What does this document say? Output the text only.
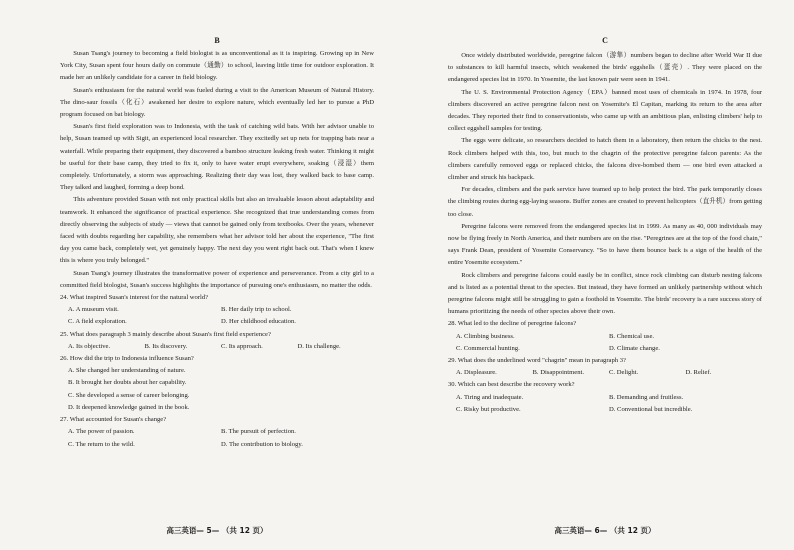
B

Susan Tsang's journey to becoming a field biologist is as unconventional as it is inspiring. Growing up in New York City, Susan spent four hours daily on commute（通勤）to school, leaving little time for outdoor exploration. It made her an unlikely candidate for a career in field biology.

Susan's enthusiasm for the natural world was fueled during a visit to the American Museum of Natural History. The dino-saur fossils（化石）awakened her desire to explore nature, which eventually led her to pursue a PhD program focused on bat biology.

Susan's first field exploration was to Indonesia, with the task of catching wild bats. With her advisor unable to help, Susan teamed up with Sigit, an experienced local researcher. They excitedly set up nets for trapping bats near a waterfall. While preparing their equipment, they discovered a bamboo structure leaking fresh water. Thinking it might be useful for their base camp, they tried to fix it, only to have water erupt everywhere, soaking（浸湿）them completely. Unfortunately, a storm was approaching. Realizing their day was lost, they walked back to base camp. They talked and laughed, forming a deep bond.

This adventure provided Susan with not only practical skills but also an invaluable lesson about adaptability and teamwork. It enhanced the significance of practical experience. She recognized that true understanding comes from directly observing the subjects of study — views that cannot be gained only from textbooks. Over the years, whenever faced with doubts regarding her capability, she remembers what her advisor told her about the experience, "The first day you came back, completely wet, yet genuinely happy. The next day you went right back out. That's when I knew this is where you truly belonged."

Susan Tsang's journey illustrates the transformative power of experience and perseverance. From a city girl to a committed field biologist, Susan's success highlights the importance of pursuing one's enthusiasm, no matter the odds.

24. What inspired Susan's interest for the natural world?
A. A museum visit.	B. Her daily trip to school.
C. A field exploration.	D. Her childhood education.
25. What does paragraph 3 mainly describe about Susan's first field experience?
A. Its objective.	B. Its discovery.	C. Its approach.	D. Its challenge.
26. How did the trip to Indonesia influence Susan?
A. She changed her understanding of nature.
B. It brought her doubts about her capability.
C. She developed a sense of career belonging.
D. It deepened knowledge gained in the book.
27. What accounted for Susan's change?
A. The power of passion.	B. The pursuit of perfection.
C. The return to the wild.	D. The contribution to biology.
高三英语— 5— （共 12 页）
C

Once widely distributed worldwide, peregrine falcon（游隼）numbers began to decline after World War II due to substances to kill harmful insects, which weakened the birds' eggshells（蛋壳）. They were placed on the endangered species list in 1970. In Yosemite, the last known pair were seen in 1941.

The U. S. Environmental Protection Agency（EPA）banned most uses of chemicals in 1974. In 1978, four climbers discovered an active peregrine falcon nest on Yosemite's El Capitan, marking its return to the area after decades. They reported their find to conservationists, who came up with an ambitious plan, enlisting climbers' help to collect eggshell samples for testing.

The eggs were delicate, so researchers decided to hatch them in a laboratory, then return the chicks to the nest. Rock climbers helped with this, too, but much to the chagrin of the protective peregrine falcon parents: As the climbers carefully removed eggs or replaced chicks, the falcons dive-bombed them — one bird even attacked a climber and struck his backpack.

For decades, climbers and the park service have teamed up to help protect the bird. The park temporarily closes the climbing routes during egg-laying seasons. Buffer zones are created to prevent helicopters（直升机）from getting too close.

Peregrine falcons were removed from the endangered species list in 1999. As many as 40, 000 individuals may now be flying freely in North America, and their numbers are on the rise. "Peregrines are at the top of the food chain," says Frank Dean, president of Yosemite Conservancy. "So to have them bounce back is a sign of the health of the entire Yosemite ecosystem."

Rock climbers and peregrine falcons could easily be in conflict, since rock climbing can disturb nesting falcons and is listed as a potential threat to the species. But instead, they have formed an unlikely partnership without which peregrine falcons might still be struggling to gain a foothold in Yosemite. The birds' recovery is a rare success story of humans prioritizing the needs of other species above their own.

28. What led to the decline of peregrine falcons?
A. Climbing business.	B. Chemical use.
C. Commercial hunting.	D. Climate change.
29. What does the underlined word "chagrin" mean in paragraph 3?
A. Displeasure.	B. Disappointment.	C. Delight.	D. Relief.
30. Which can best describe the recovery work?
A. Tiring and inadequate.	B. Demanding and fruitless.
C. Risky but productive.	D. Conventional but incredible.
高三英语— 6— （共 12 页）
